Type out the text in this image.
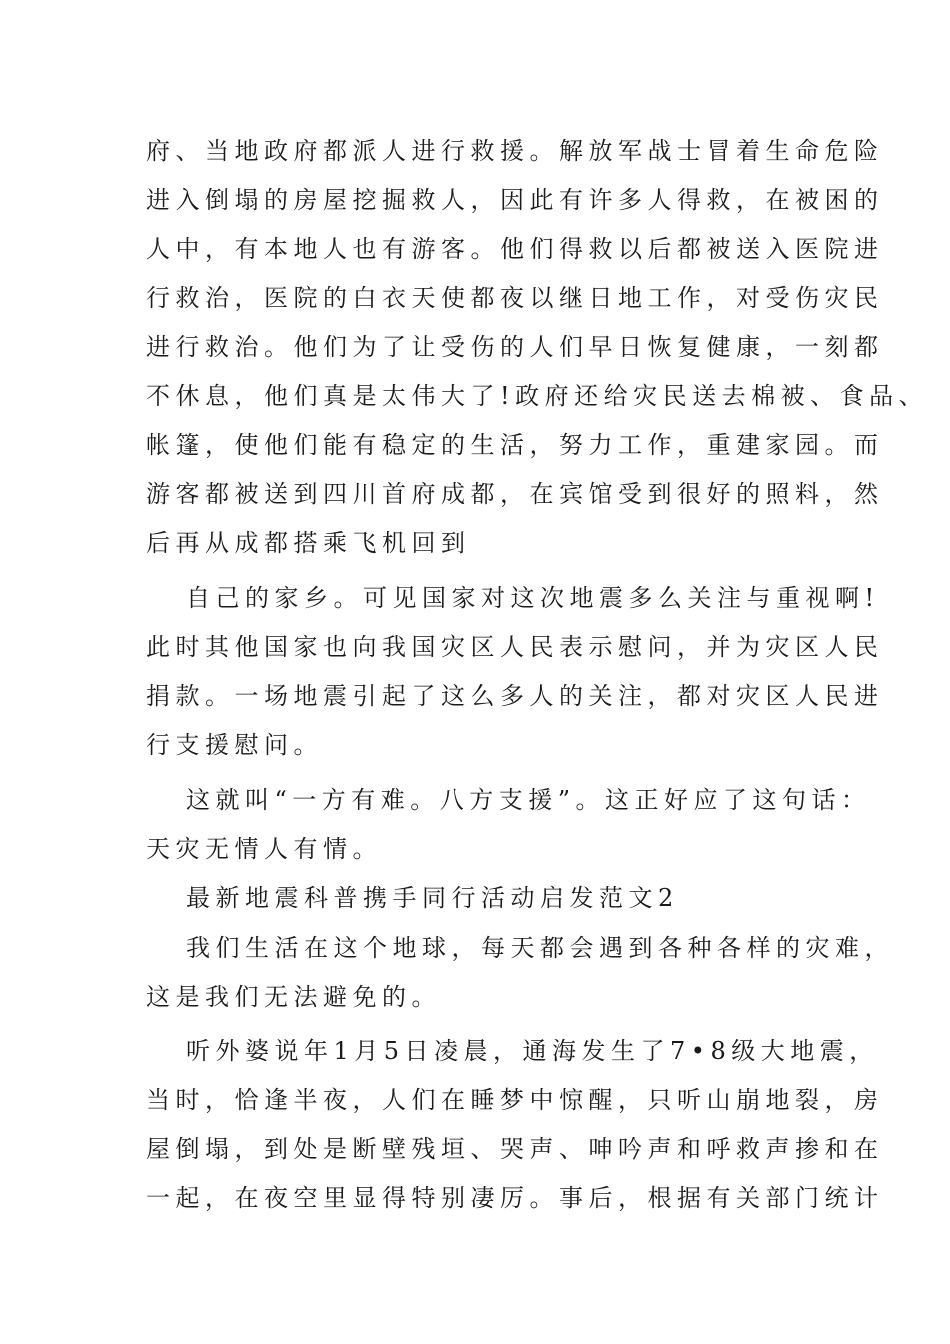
府、当地政府都派人进行救援。解放军战士冒着生命危险
进入倒塌的房屋挖掘救人，因此有许多人得救，在被困的
人中，有本地人也有游客。他们得救以后都被送入医院进
行救治，医院的白衣天使都夜以继日地工作，对受伤灾民
进行救治。他们为了让受伤的人们早日恢复健康，一刻都
不休息，他们真是太伟大了!政府还给灾民送去棉被、食品、
帐篷，使他们能有稳定的生活，努力工作，重建家园。而
游客都被送到四川首府成都，在宾馆受到很好的照料，然
后再从成都搭乘飞机回到
自己的家乡。可见国家对这次地震多么关注与重视啊!
此时其他国家也向我国灾区人民表示慰问，并为灾区人民
捐款。一场地震引起了这么多人的关注，都对灾区人民进
行支援慰问。
这就叫“一方有难。八方支援”。这正好应了这句话：
天灾无情人有情。
最新地震科普携手同行活动启发范文2
我们生活在这个地球，每天都会遇到各种各样的灾难，
这是我们无法避免的。
听外婆说年1月5日凌晨，通海发生了7•8级大地震，
当时，恰逢半夜，人们在睡梦中惊醒，只听山崩地裂，房
屋倒塌，到处是断壁残垣、哭声、呻吟声和呼救声掺和在
一起，在夜空里显得特别凄厉。事后，根据有关部门统计
